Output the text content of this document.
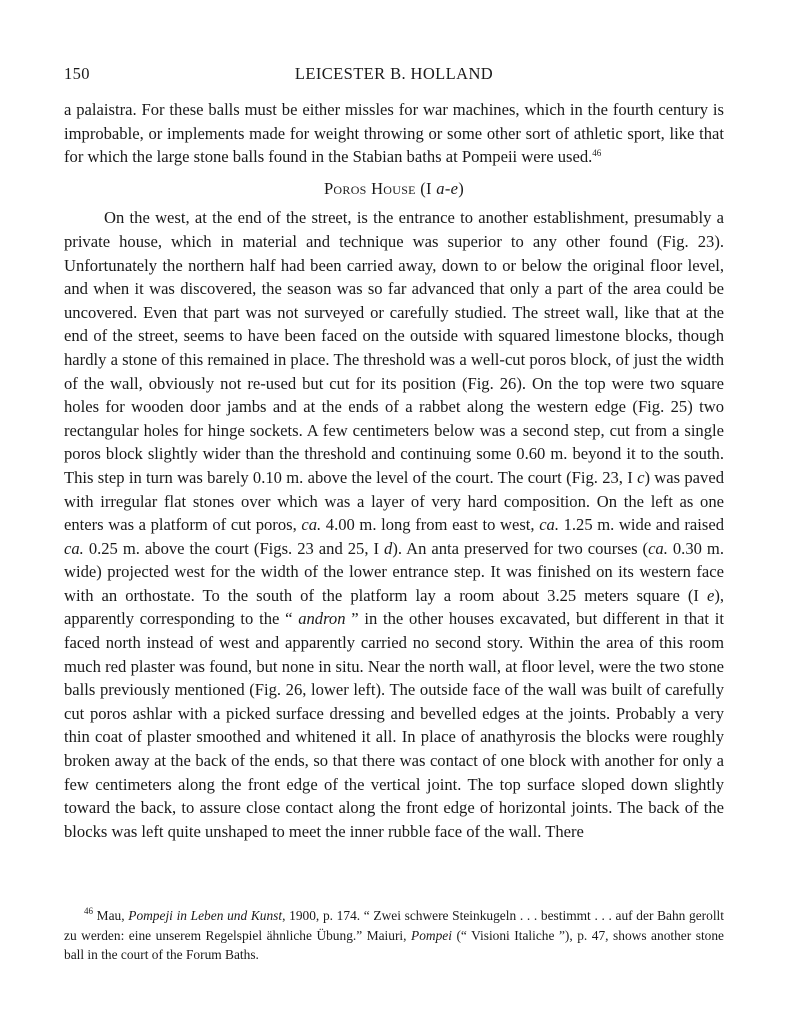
150	LEICESTER B. HOLLAND

a palaistra. For these balls must be either missles for war machines, which in the fourth century is improbable, or implements made for weight throwing or some other sort of athletic sport, like that for which the large stone balls found in the Stabian baths at Pompeii were used.$^{46}$

Poros House (I a-e)

On the west, at the end of the street, is the entrance to another establishment, presumably a private house, which in material and technique was superior to any other found (Fig. 23). Unfortunately the northern half had been carried away, down to or below the original floor level, and when it was discovered, the season was so far advanced that only a part of the area could be uncovered. Even that part was not surveyed or carefully studied. The street wall, like that at the end of the street, seems to have been faced on the outside with squared limestone blocks, though hardly a stone of this remained in place. The threshold was a well-cut poros block, of just the width of the wall, obviously not re-used but cut for its position (Fig. 26). On the top were two square holes for wooden door jambs and at the ends of a rabbet along the western edge (Fig. 25) two rectangular holes for hinge sockets. A few centimeters below was a second step, cut from a single poros block slightly wider than the threshold and continuing some 0.60 m. beyond it to the south. This step in turn was barely 0.10 m. above the level of the court. The court (Fig. 23, I c) was paved with irregular flat stones over which was a layer of very hard composition. On the left as one enters was a platform of cut poros, ca. 4.00 m. long from east to west, ca. 1.25 m. wide and raised ca. 0.25 m. above the court (Figs. 23 and 25, I d). An anta preserved for two courses (ca. 0.30 m. wide) projected west for the width of the lower entrance step. It was finished on its western face with an orthostate. To the south of the platform lay a room about 3.25 meters square (I e), apparently corresponding to the “ andron ” in the other houses excavated, but different in that it faced north instead of west and apparently carried no second story. Within the area of this room much red plaster was found, but none in situ. Near the north wall, at floor level, were the two stone balls previously mentioned (Fig. 26, lower left). The outside face of the wall was built of carefully cut poros ashlar with a picked surface dressing and bevelled edges at the joints. Probably a very thin coat of plaster smoothed and whitened it all. In place of anathyrosis the blocks were roughly broken away at the back of the ends, so that there was contact of one block with another for only a few centimeters along the front edge of the vertical joint. The top surface sloped down slightly toward the back, to assure close contact along the front edge of horizontal joints. The back of the blocks was left quite unshaped to meet the inner rubble face of the wall. There

$^{46}$ Mau, Pompeji in Leben und Kunst, 1900, p. 174. “ Zwei schwere Steinkugeln . . . bestimmt . . . auf der Bahn gerollt zu werden: eine unserem Regelspiel ähnliche Übung.” Maiuri, Pompei (“ Visioni Italiche ”), p. 47, shows another stone ball in the court of the Forum Baths.
